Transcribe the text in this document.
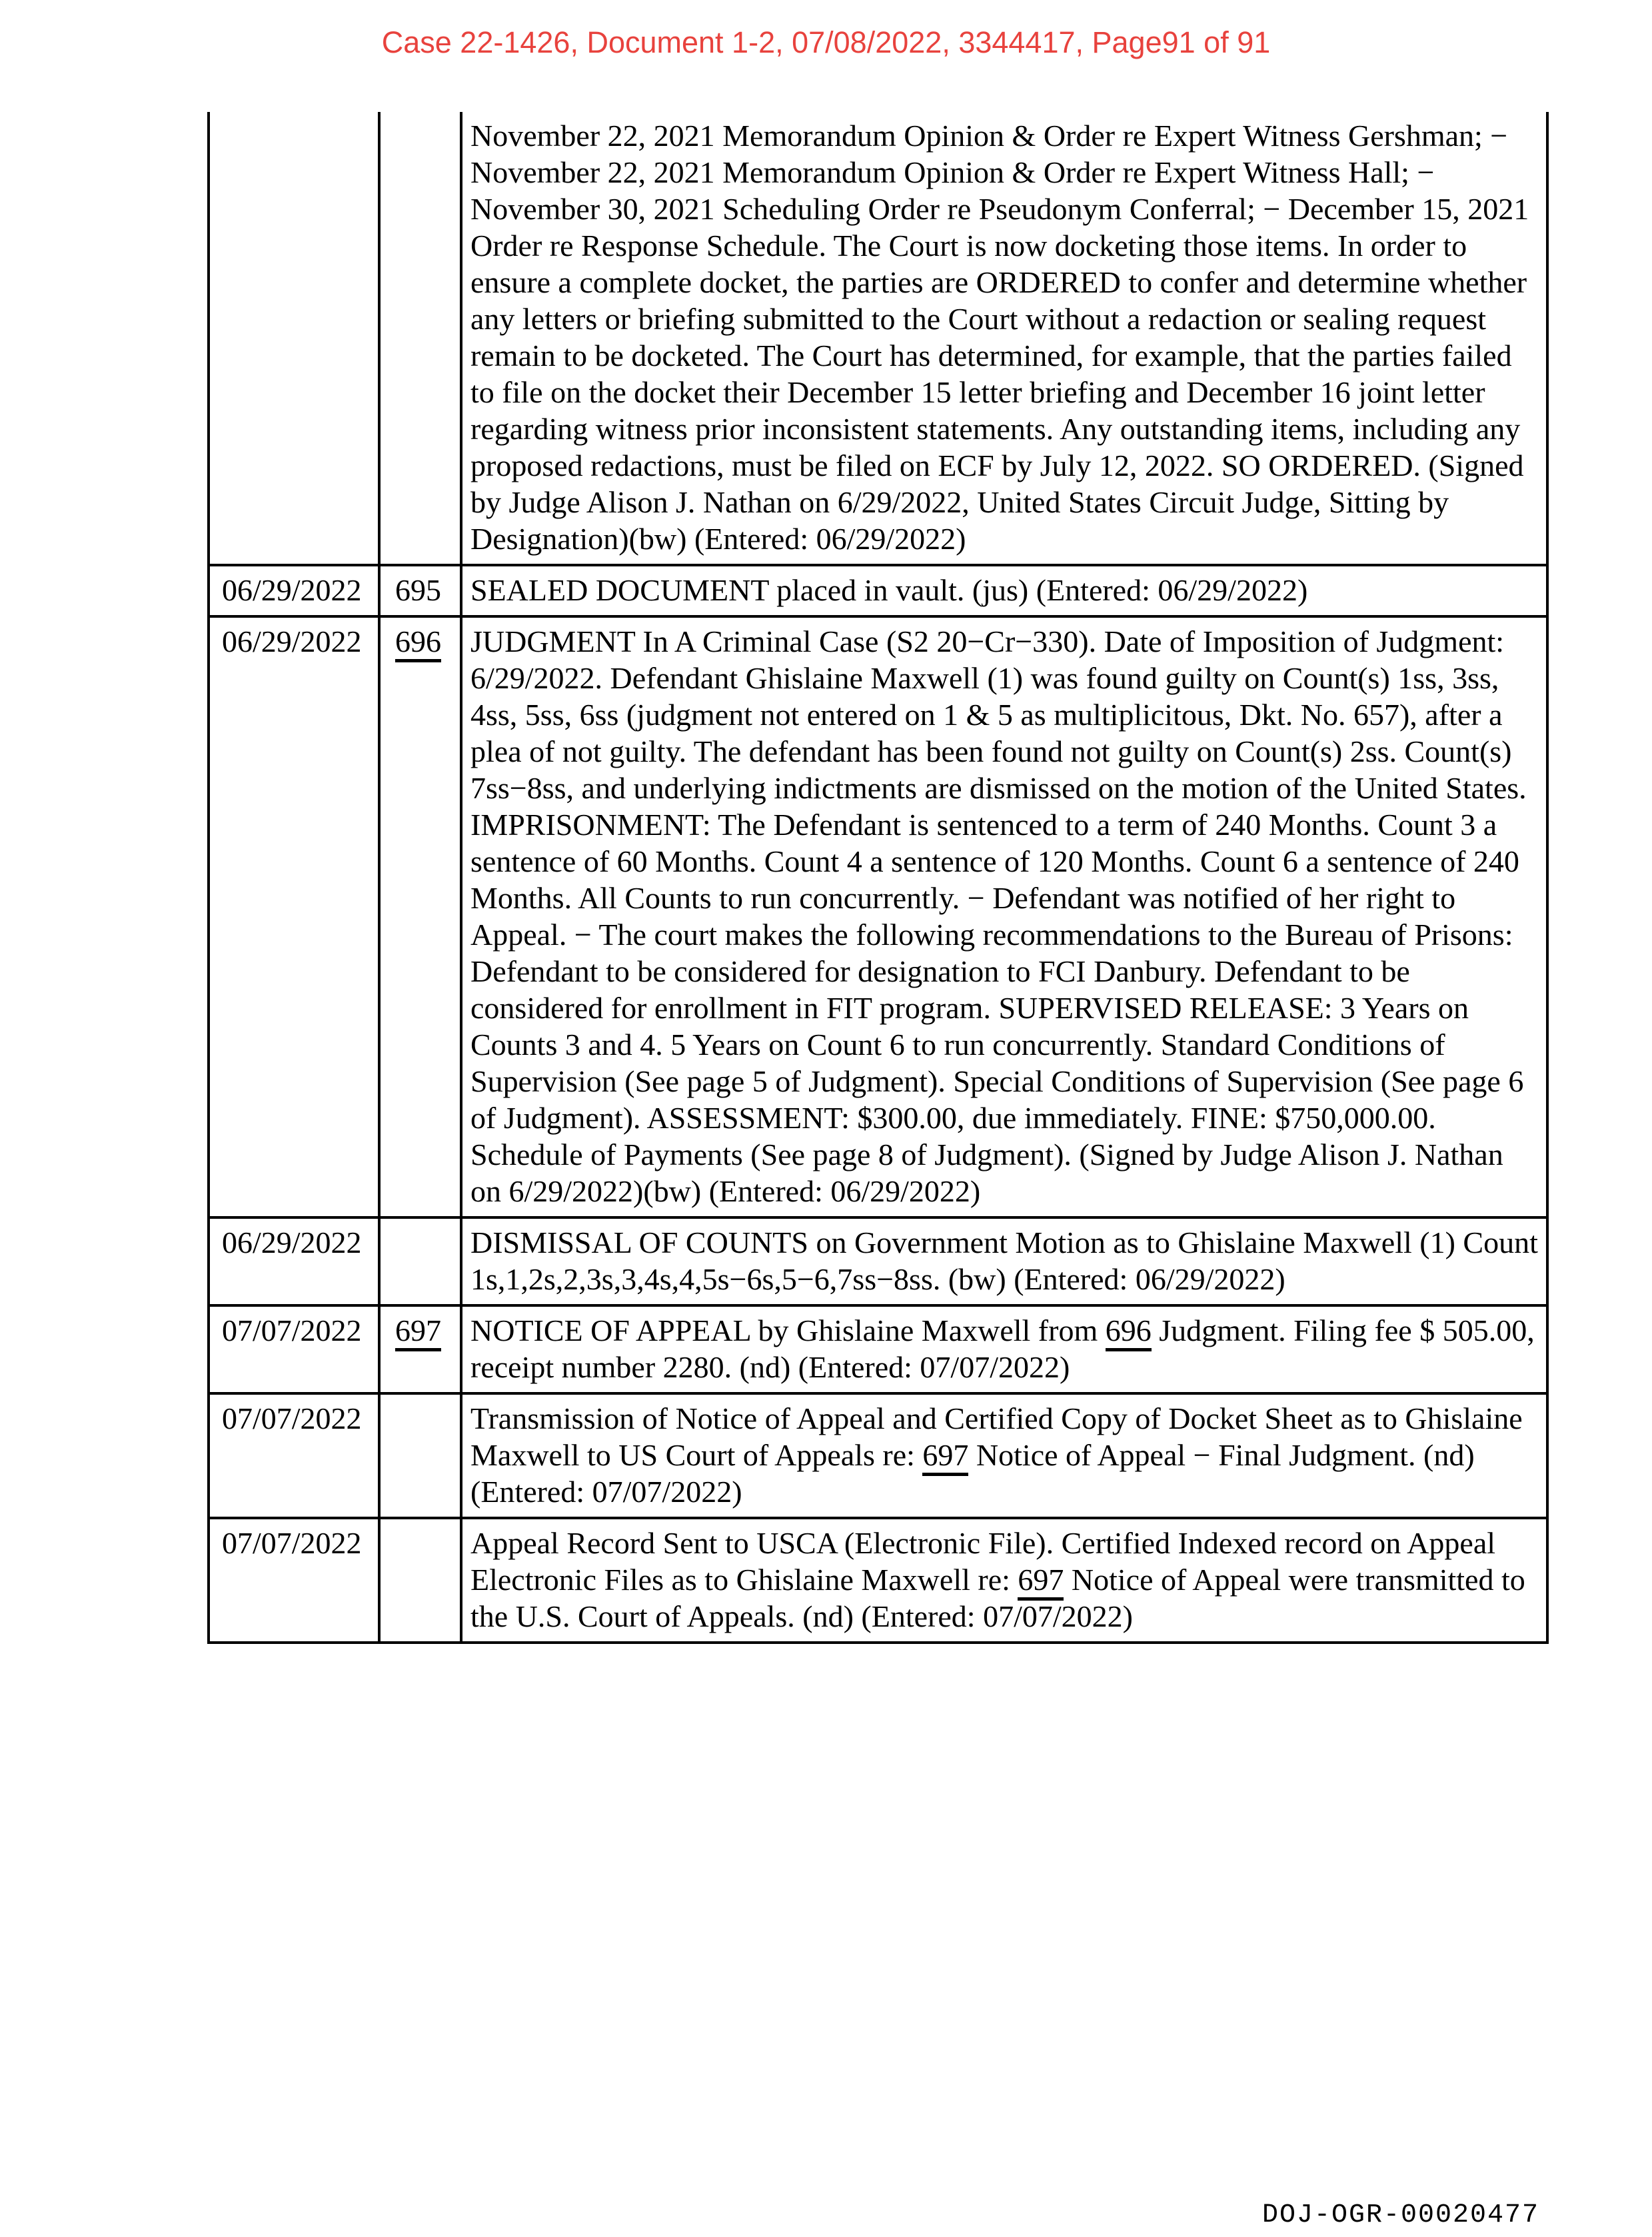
Case 22-1426, Document 1-2, 07/08/2022, 3344417, Page91 of 91
		November 22, 2021 Memorandum Opinion & Order re Expert Witness Gershman; − November 22, 2021 Memorandum Opinion & Order re Expert Witness Hall; − November 30, 2021 Scheduling Order re Pseudonym Conferral; − December 15, 2021 Order re Response Schedule. The Court is now docketing those items. In order to ensure a complete docket, the parties are ORDERED to confer and determine whether any letters or briefing submitted to the Court without a redaction or sealing request remain to be docketed. The Court has determined, for example, that the parties failed to file on the docket their December 15 letter briefing and December 16 joint letter regarding witness prior inconsistent statements. Any outstanding items, including any proposed redactions, must be filed on ECF by July 12, 2022. SO ORDERED. (Signed by Judge Alison J. Nathan on 6/29/2022, United States Circuit Judge, Sitting by Designation)(bw) (Entered: 06/29/2022)
06/29/2022	695	SEALED DOCUMENT placed in vault. (jus) (Entered: 06/29/2022)
06/29/2022	696	JUDGMENT In A Criminal Case (S2 20−Cr−330). Date of Imposition of Judgment: 6/29/2022. Defendant Ghislaine Maxwell (1) was found guilty on Count(s) 1ss, 3ss, 4ss, 5ss, 6ss (judgment not entered on 1 & 5 as multiplicitous, Dkt. No. 657), after a plea of not guilty. The defendant has been found not guilty on Count(s) 2ss. Count(s) 7ss−8ss, and underlying indictments are dismissed on the motion of the United States. IMPRISONMENT: The Defendant is sentenced to a term of 240 Months. Count 3 a sentence of 60 Months. Count 4 a sentence of 120 Months. Count 6 a sentence of 240 Months. All Counts to run concurrently. − Defendant was notified of her right to Appeal. − The court makes the following recommendations to the Bureau of Prisons: Defendant to be considered for designation to FCI Danbury. Defendant to be considered for enrollment in FIT program. SUPERVISED RELEASE: 3 Years on Counts 3 and 4. 5 Years on Count 6 to run concurrently. Standard Conditions of Supervision (See page 5 of Judgment). Special Conditions of Supervision (See page 6 of Judgment). ASSESSMENT: $300.00, due immediately. FINE: $750,000.00. Schedule of Payments (See page 8 of Judgment). (Signed by Judge Alison J. Nathan on 6/29/2022)(bw) (Entered: 06/29/2022)
06/29/2022		DISMISSAL OF COUNTS on Government Motion as to Ghislaine Maxwell (1) Count 1s,1,2s,2,3s,3,4s,4,5s−6s,5−6,7ss−8ss. (bw) (Entered: 06/29/2022)
07/07/2022	697	NOTICE OF APPEAL by Ghislaine Maxwell from 696 Judgment. Filing fee $ 505.00, receipt number 2280. (nd) (Entered: 07/07/2022)
07/07/2022		Transmission of Notice of Appeal and Certified Copy of Docket Sheet as to Ghislaine Maxwell to US Court of Appeals re: 697 Notice of Appeal − Final Judgment. (nd) (Entered: 07/07/2022)
07/07/2022		Appeal Record Sent to USCA (Electronic File). Certified Indexed record on Appeal Electronic Files as to Ghislaine Maxwell re: 697 Notice of Appeal were transmitted to the U.S. Court of Appeals. (nd) (Entered: 07/07/2022)
DOJ-OGR-00020477
